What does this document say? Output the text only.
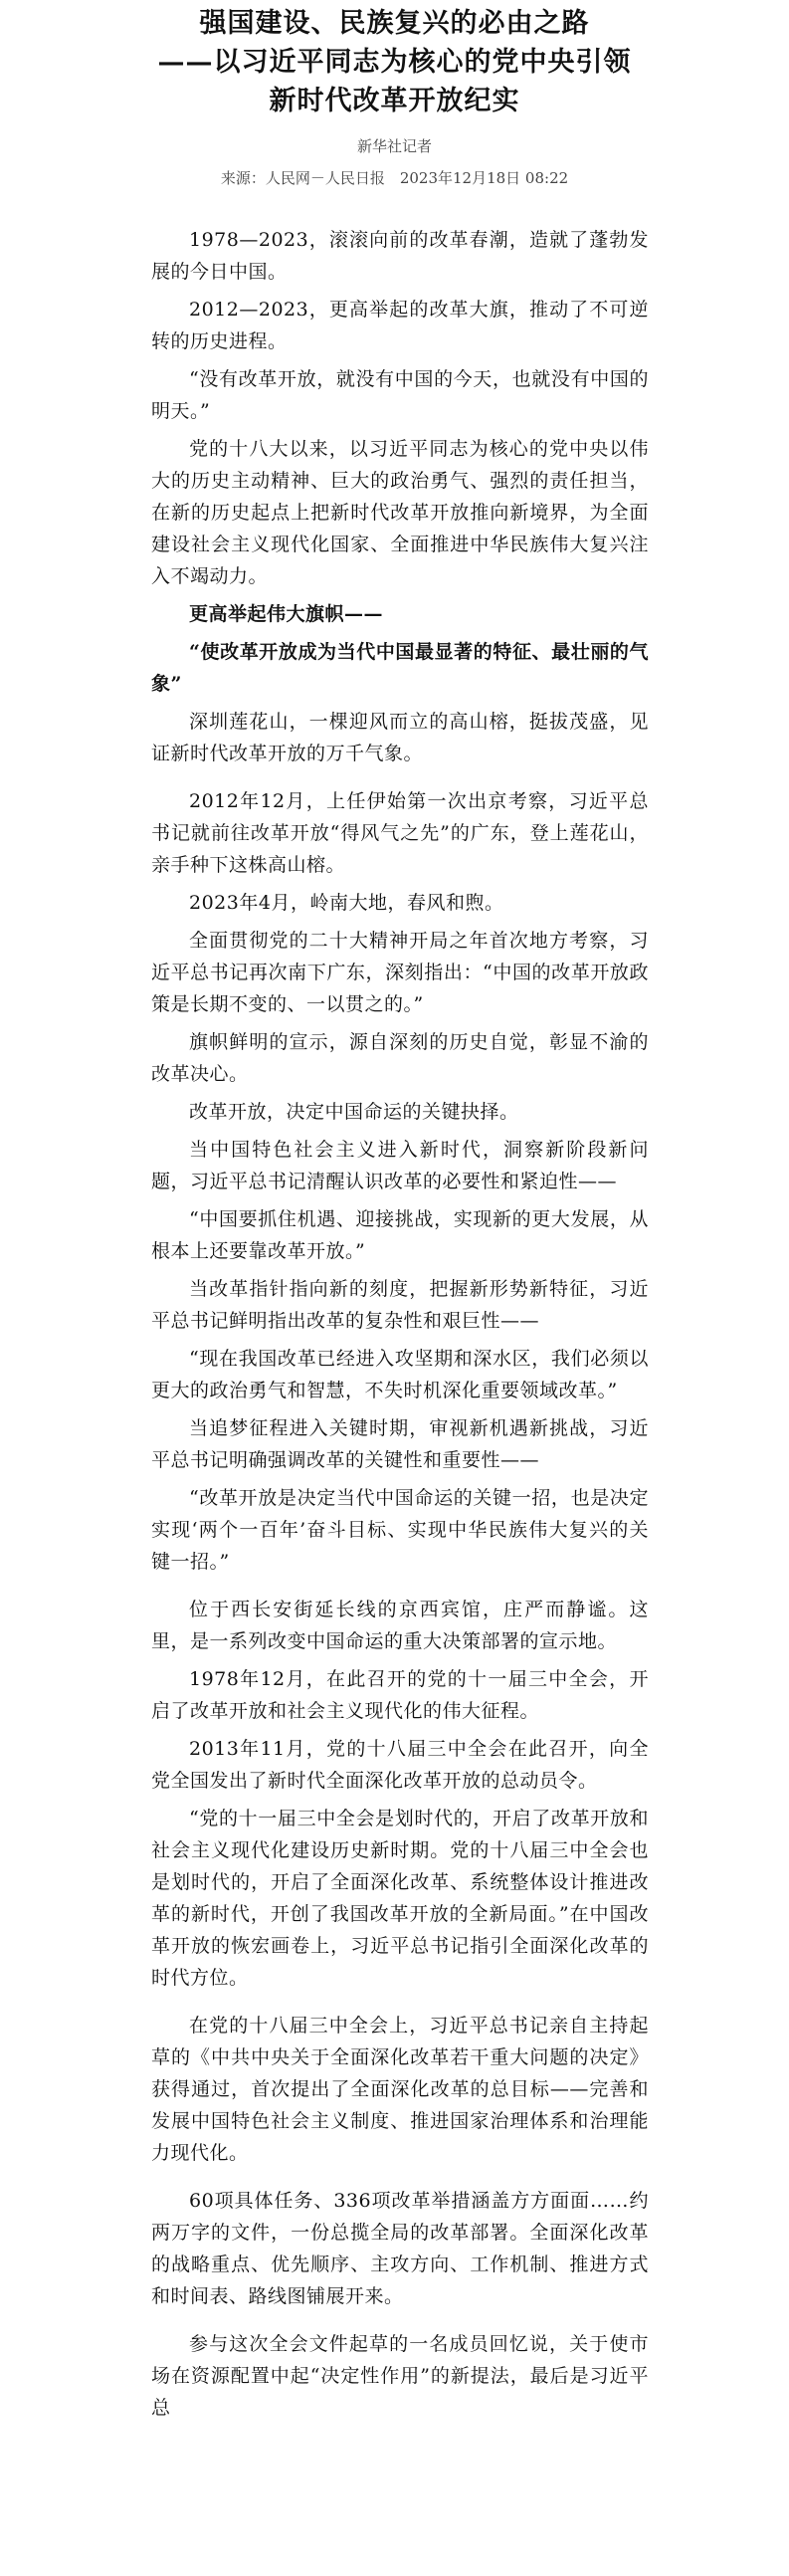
强国建设、民族复兴的必由之路
——以习近平同志为核心的党中央引领
新时代改革开放纪实
新华社记者
来源：人民网－人民日报　2023年12月18日 08:22

1978—2023，滚滚向前的改革春潮，造就了蓬勃发展的今日中国。

2012—2023，更高举起的改革大旗，推动了不可逆转的历史进程。

“没有改革开放，就没有中国的今天，也就没有中国的明天。”

党的十八大以来，以习近平同志为核心的党中央以伟大的历史主动精神、巨大的政治勇气、强烈的责任担当，在新的历史起点上把新时代改革开放推向新境界，为全面建设社会主义现代化国家、全面推进中华民族伟大复兴注入不竭动力。

更高举起伟大旗帜——

“使改革开放成为当代中国最显著的特征、最壮丽的气象”

深圳莲花山，一棵迎风而立的高山榕，挺拔茂盛，见证新时代改革开放的万千气象。

2012年12月，上任伊始第一次出京考察，习近平总书记就前往改革开放“得风气之先”的广东，登上莲花山，亲手种下这株高山榕。

2023年4月，岭南大地，春风和煦。

全面贯彻党的二十大精神开局之年首次地方考察，习近平总书记再次南下广东，深刻指出：“中国的改革开放政策是长期不变的、一以贯之的。”

旗帜鲜明的宣示，源自深刻的历史自觉，彰显不渝的改革决心。

改革开放，决定中国命运的关键抉择。

当中国特色社会主义进入新时代，洞察新阶段新问题，习近平总书记清醒认识改革的必要性和紧迫性——

“中国要抓住机遇、迎接挑战，实现新的更大发展，从根本上还要靠改革开放。”

当改革指针指向新的刻度，把握新形势新特征，习近平总书记鲜明指出改革的复杂性和艰巨性——

“现在我国改革已经进入攻坚期和深水区，我们必须以更大的政治勇气和智慧，不失时机深化重要领域改革。”

当追梦征程进入关键时期，审视新机遇新挑战，习近平总书记明确强调改革的关键性和重要性——

“改革开放是决定当代中国命运的关键一招，也是决定实现‘两个一百年’奋斗目标、实现中华民族伟大复兴的关键一招。”

位于西长安街延长线的京西宾馆，庄严而静谧。这里，是一系列改变中国命运的重大决策部署的宣示地。

1978年12月，在此召开的党的十一届三中全会，开启了改革开放和社会主义现代化的伟大征程。

2013年11月，党的十八届三中全会在此召开，向全党全国发出了新时代全面深化改革开放的总动员令。

“党的十一届三中全会是划时代的，开启了改革开放和社会主义现代化建设历史新时期。党的十八届三中全会也是划时代的，开启了全面深化改革、系统整体设计推进改革的新时代，开创了我国改革开放的全新局面。”在中国改革开放的恢宏画卷上，习近平总书记指引全面深化改革的时代方位。

在党的十八届三中全会上，习近平总书记亲自主持起草的《中共中央关于全面深化改革若干重大问题的决定》获得通过，首次提出了全面深化改革的总目标——完善和发展中国特色社会主义制度、推进国家治理体系和治理能力现代化。

60项具体任务、336项改革举措涵盖方方面面……约两万字的文件，一份总揽全局的改革部署。全面深化改革的战略重点、优先顺序、主攻方向、工作机制、推进方式和时间表、路线图铺展开来。

参与这次全会文件起草的一名成员回忆说，关于使市场在资源配置中起“决定性作用”的新提法，最后是习近平总
